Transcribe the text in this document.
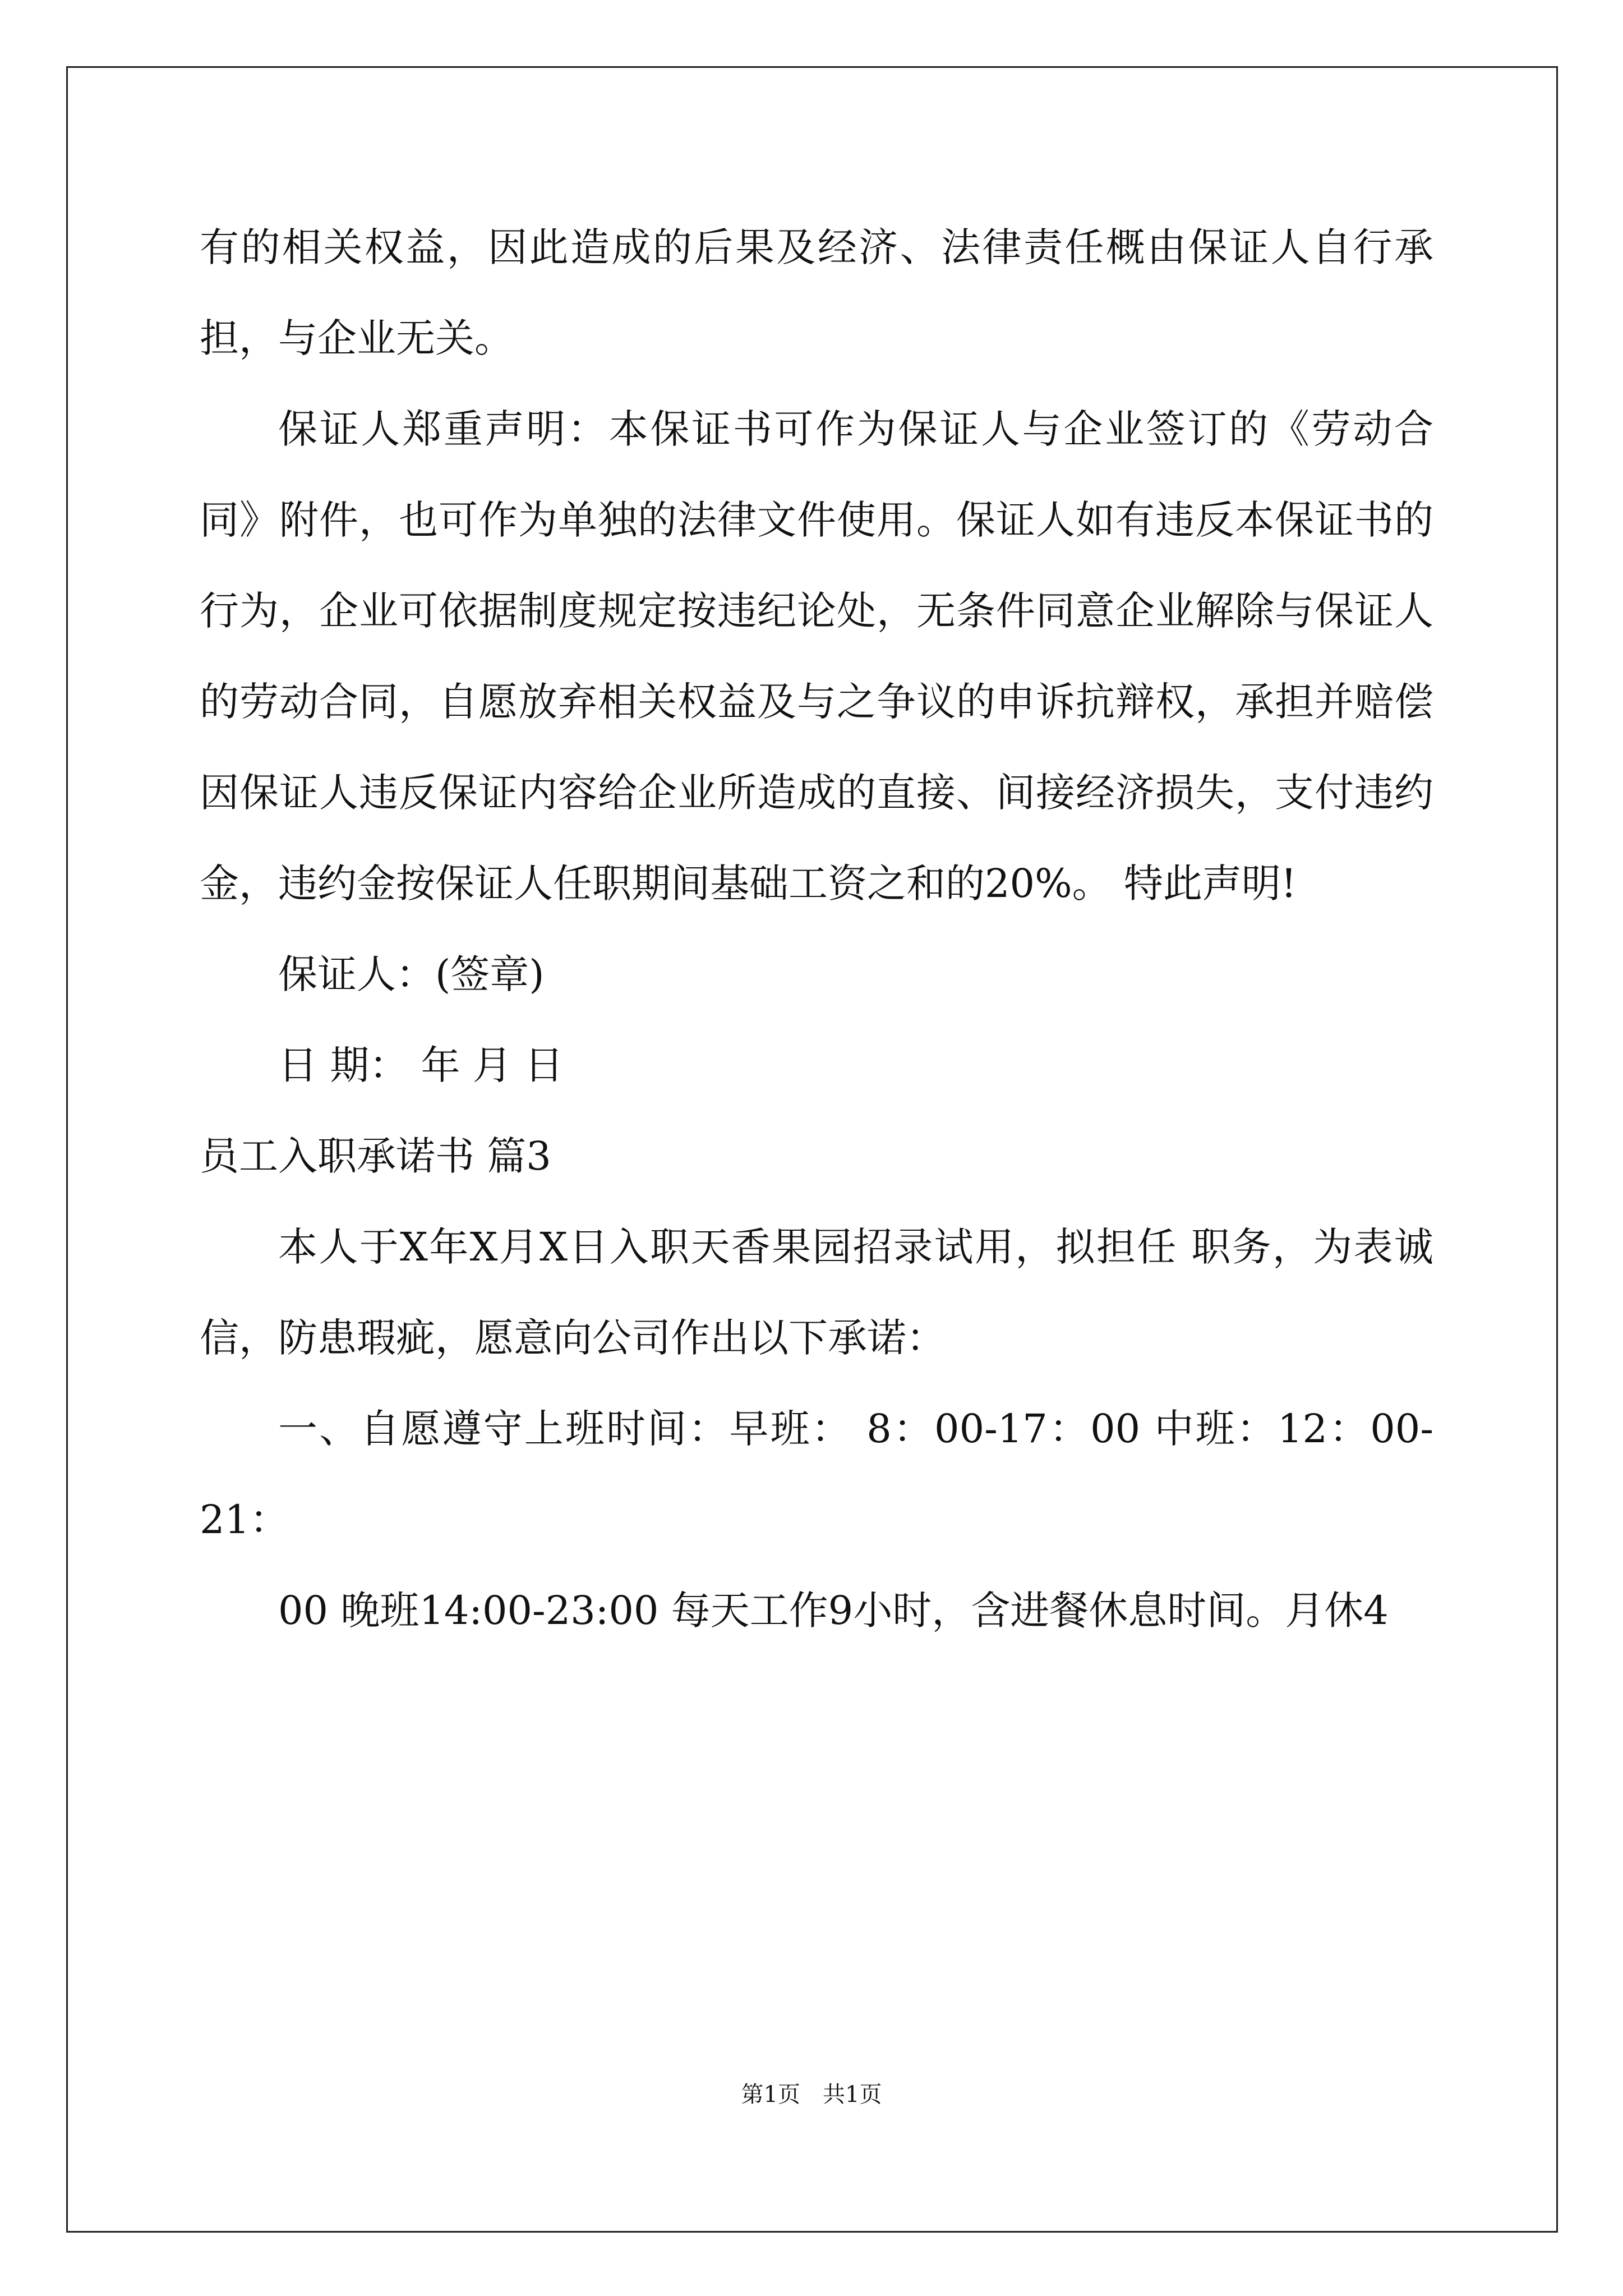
有的相关权益，因此造成的后果及经济、法律责任概由保证人自行承担，与企业无关。

保证人郑重声明：本保证书可作为保证人与企业签订的《劳动合同》附件，也可作为单独的法律文件使用。保证人如有违反本保证书的行为，企业可依据制度规定按违纪论处，无条件同意企业解除与保证人的劳动合同，自愿放弃相关权益及与之争议的申诉抗辩权，承担并赔偿因保证人违反保证内容给企业所造成的直接、间接经济损失，支付违约金，违约金按保证人任职期间基础工资之和的20%。 特此声明!

保证人：(签章)

日 期： 年 月 日

员工入职承诺书 篇3

本人于X年X月X日入职天香果园招录试用，拟担任 职务，为表诚信，防患瑕疵，愿意向公司作出以下承诺：

一、自愿遵守上班时间：早班： 8：00-17：00 中班：12：00-21：

00 晚班14:00-23:00 每天工作9小时，含进餐休息时间。月休4

第1页　共1页
